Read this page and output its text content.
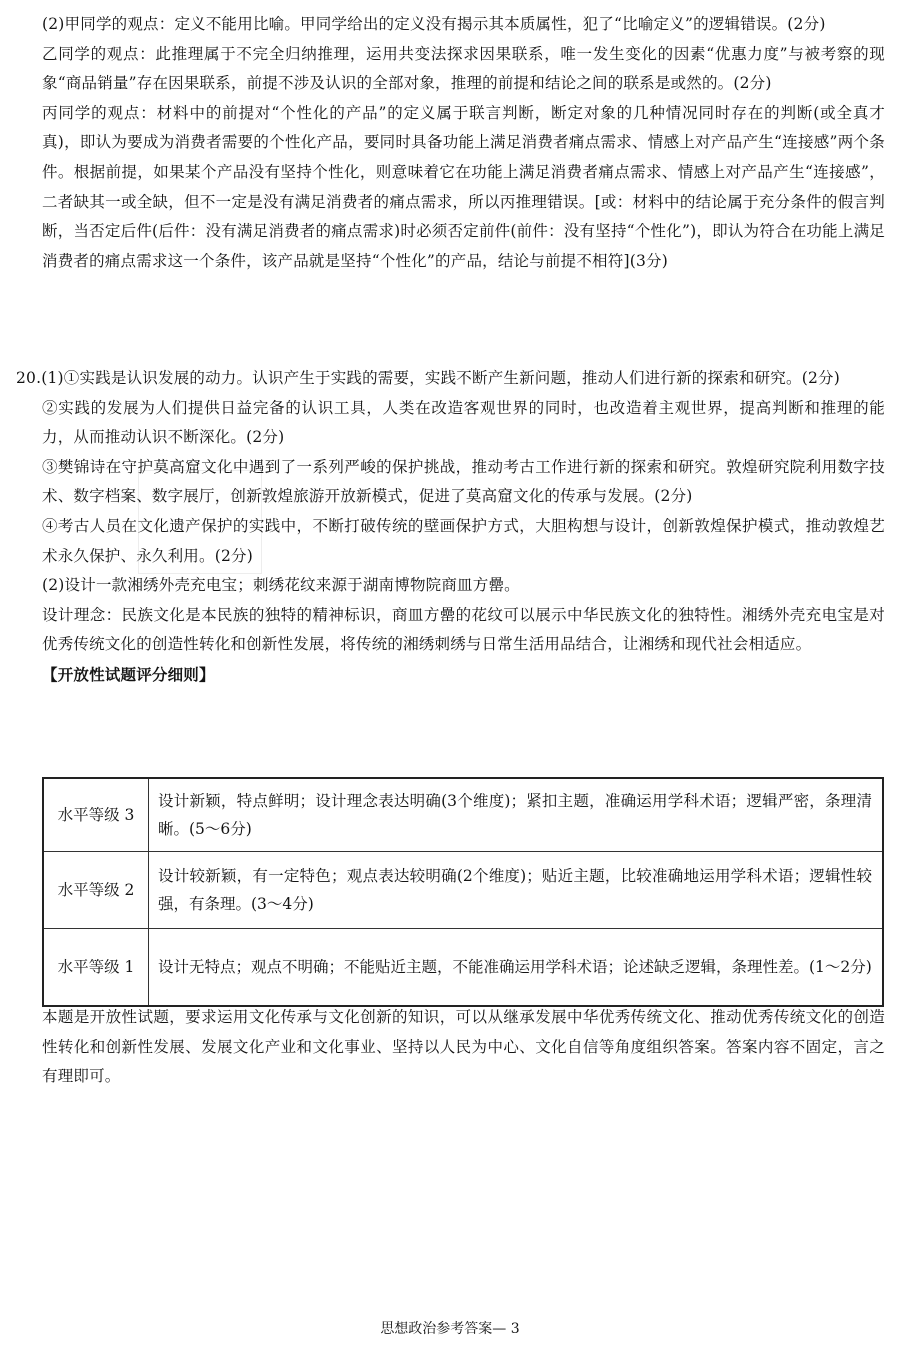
(2)甲同学的观点：定义不能用比喻。甲同学给出的定义没有揭示其本质属性，犯了“比喻定义”的逻辑错误。(2分)

乙同学的观点：此推理属于不完全归纳推理，运用共变法探求因果联系，唯一发生变化的因素“优惠力度”与被考察的现象“商品销量”存在因果联系，前提不涉及认识的全部对象，推理的前提和结论之间的联系是或然的。(2分)

丙同学的观点：材料中的前提对“个性化的产品”的定义属于联言判断，断定对象的几种情况同时存在的判断(或全真才真)，即认为要成为消费者需要的个性化产品，要同时具备功能上满足消费者痛点需求、情感上对产品产生“连接感”两个条件。根据前提，如果某个产品没有坚持个性化，则意味着它在功能上满足消费者痛点需求、情感上对产品产生“连接感”，二者缺其一或全缺，但不一定是没有满足消费者的痛点需求，所以丙推理错误。[或：材料中的结论属于充分条件的假言判断，当否定后件(后件：没有满足消费者的痛点需求)时必须否定前件(前件：没有坚持“个性化”)，即认为符合在功能上满足消费者的痛点需求这一个条件，该产品就是坚持“个性化”的产品，结论与前提不相符](3分)

20.(1)①实践是认识发展的动力。认识产生于实践的需要，实践不断产生新问题，推动人们进行新的探索和研究。(2分)

②实践的发展为人们提供日益完备的认识工具，人类在改造客观世界的同时，也改造着主观世界，提高判断和推理的能力，从而推动认识不断深化。(2分)

③樊锦诗在守护莫高窟文化中遇到了一系列严峻的保护挑战，推动考古工作进行新的探索和研究。敦煌研究院利用数字技术、数字档案、数字展厅，创新敦煌旅游开放新模式，促进了莫高窟文化的传承与发展。(2分)

④考古人员在文化遗产保护的实践中，不断打破传统的壁画保护方式，大胆构想与设计，创新敦煌保护模式，推动敦煌艺术永久保护、永久利用。(2分)

(2)设计一款湘绣外壳充电宝；刺绣花纹来源于湖南博物院商皿方罍。

设计理念：民族文化是本民族的独特的精神标识，商皿方罍的花纹可以展示中华民族文化的独特性。湘绣外壳充电宝是对优秀传统文化的创造性转化和创新性发展，将传统的湘绣刺绣与日常生活用品结合，让湘绣和现代社会相适应。

【开放性试题评分细则】

水平等级 3	设计新颖，特点鲜明；设计理念表达明确(3个维度)；紧扣主题，准确运用学科术语；逻辑严密，条理清晰。(5～6分)
水平等级 2	设计较新颖，有一定特色；观点表达较明确(2个维度)；贴近主题，比较准确地运用学科术语；逻辑性较强，有条理。(3～4分)
水平等级 1	设计无特点；观点不明确；不能贴近主题，不能准确运用学科术语；论述缺乏逻辑，条理性差。(1～2分)

本题是开放性试题，要求运用文化传承与文化创新的知识，可以从继承发展中华优秀传统文化、推动优秀传统文化的创造性转化和创新性发展、发展文化产业和文化事业、坚持以人民为中心、文化自信等角度组织答案。答案内容不固定，言之有理即可。

思想政治参考答案— 3
